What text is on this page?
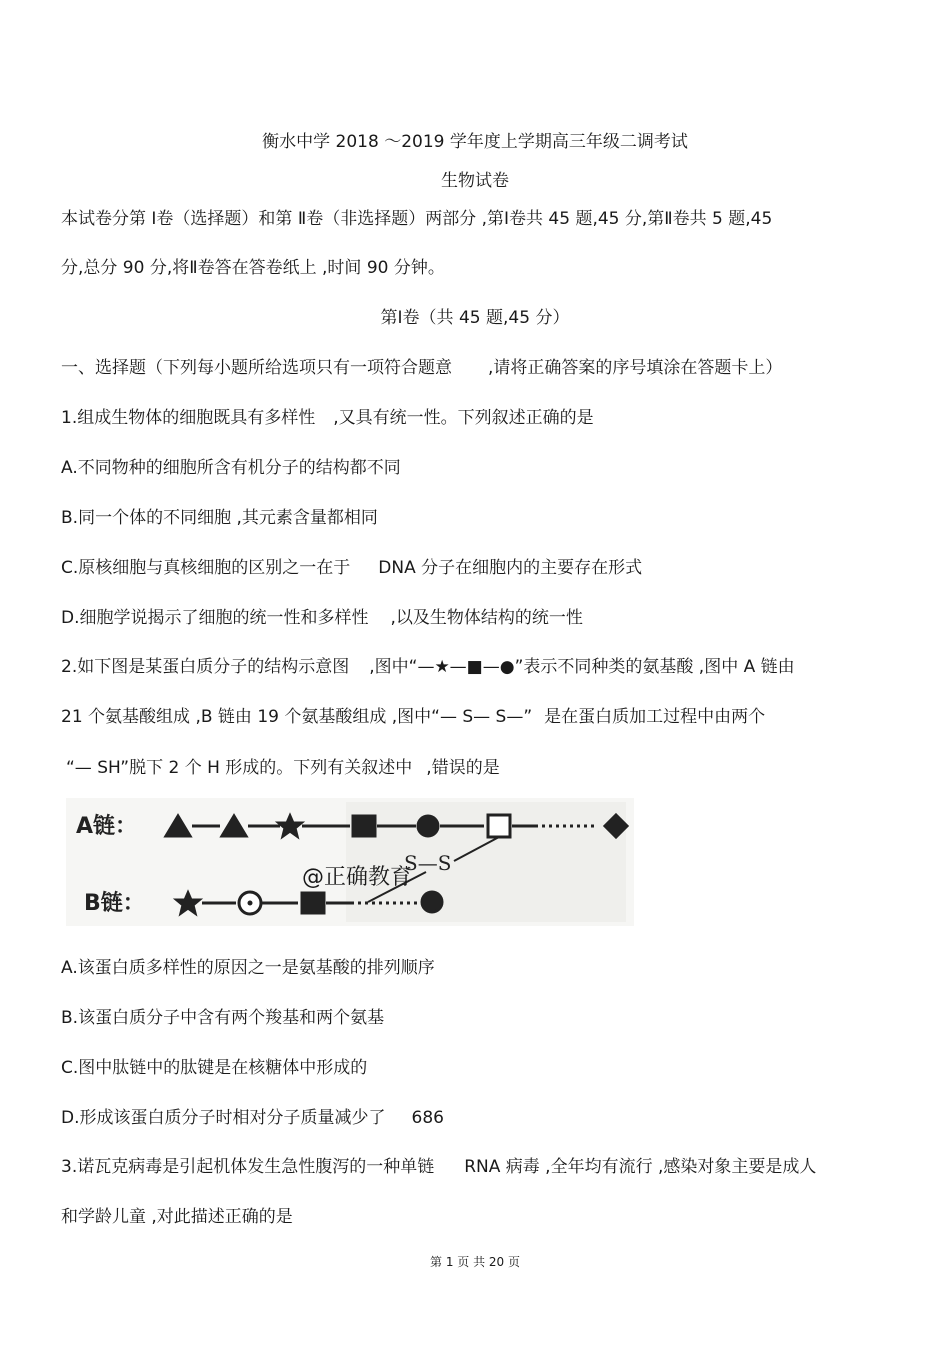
衡水中学 2018 ～2019 学年度上学期高三年级二调考试
生物试卷
本试卷分第 Ⅰ卷（选择题）和第 Ⅱ卷（非选择题）两部分 ,第Ⅰ卷共 45 题,45 分,第Ⅱ卷共 5 题,45
分,总分 90 分,将Ⅱ卷答在答卷纸上 ,时间 90 分钟。
第Ⅰ卷（共 45 题,45 分）
一、选择题（下列每小题所给选项只有一项符合题意 ,请将正确答案的序号填涂在答题卡上）
1.组成生物体的细胞既具有多样性 ,又具有统一性。下列叙述正确的是
A.不同物种的细胞所含有机分子的结构都不同
B.同一个体的不同细胞 ,其元素含量都相同
C.原核细胞与真核细胞的区别之一在于 DNA 分子在细胞内的主要存在形式
D.细胞学说揭示了细胞的统一性和多样性 ,以及生物体结构的统一性
2.如下图是某蛋白质分子的结构示意图 ,图中“—★—■—●”表示不同种类的氨基酸 ,图中 A 链由
21 个氨基酸组成 ,B 链由 19 个氨基酸组成 ,图中“— S— S—” 是在蛋白质加工过程中由两个
“— SH”脱下 2 个 H 形成的。下列有关叙述中 ,错误的是
A链：
S—S
@正确教育
B链：
A.该蛋白质多样性的原因之一是氨基酸的排列顺序
B.该蛋白质分子中含有两个羧基和两个氨基
C.图中肽链中的肽键是在核糖体中形成的
D.形成该蛋白质分子时相对分子质量减少了 686
3.诺瓦克病毒是引起机体发生急性腹泻的一种单链 RNA 病毒 ,全年均有流行 ,感染对象主要是成人
和学龄儿童 ,对此描述正确的是
第 1 页 共 20 页
